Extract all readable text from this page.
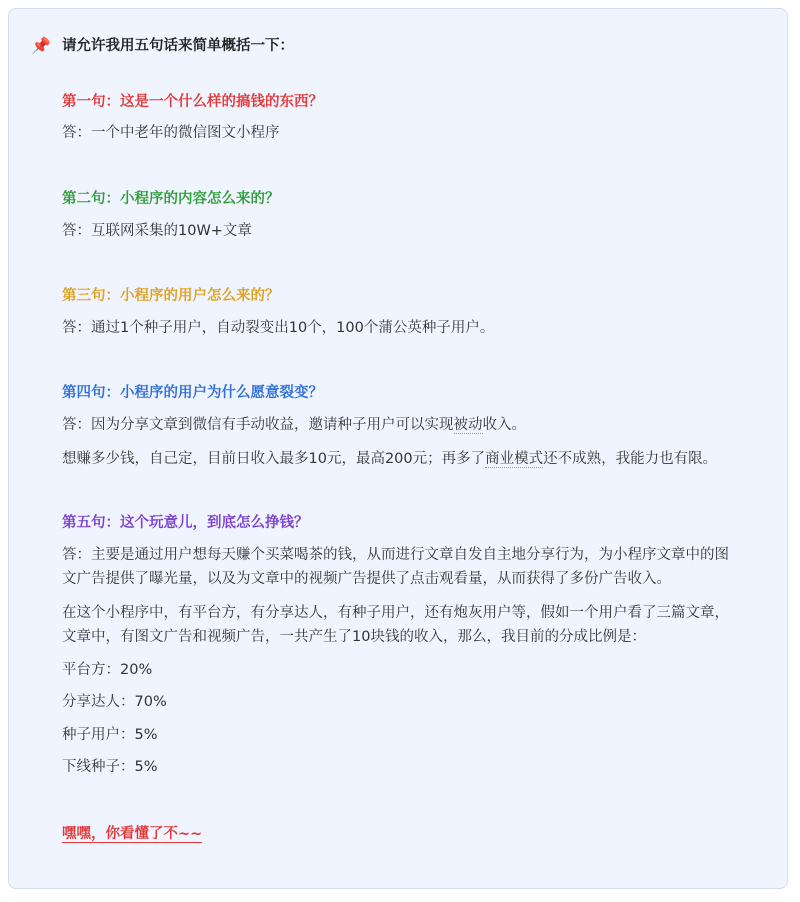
📌 请允许我用五句话来简单概括一下：
第一句：这是一个什么样的搞钱的东西？
答：一个中老年的微信图文小程序
第二句：小程序的内容怎么来的？
答：互联网采集的10W+文章
第三句：小程序的用户怎么来的？
答：通过1个种子用户，自动裂变出10个，100个蒲公英种子用户。
第四句：小程序的用户为什么愿意裂变？
答：因为分享文章到微信有手动收益，邀请种子用户可以实现被动收入。
想赚多少钱，自己定，目前日收入最多10元，最高200元；再多了商业模式还不成熟，我能力也有限。
第五句：这个玩意儿，到底怎么挣钱？
答：主要是通过用户想每天赚个买菜喝茶的钱，从而进行文章自发自主地分享行为，为小程序文章中的图
文广告提供了曝光量，以及为文章中的视频广告提供了点击观看量，从而获得了多份广告收入。
在这个小程序中，有平台方，有分享达人，有种子用户，还有炮灰用户等，假如一个用户看了三篇文章，
文章中，有图文广告和视频广告，一共产生了10块钱的收入，那么，我目前的分成比例是：
平台方：20%
分享达人：70%
种子用户：5%
下线种子：5%
嘿嘿，你看懂了不~~
